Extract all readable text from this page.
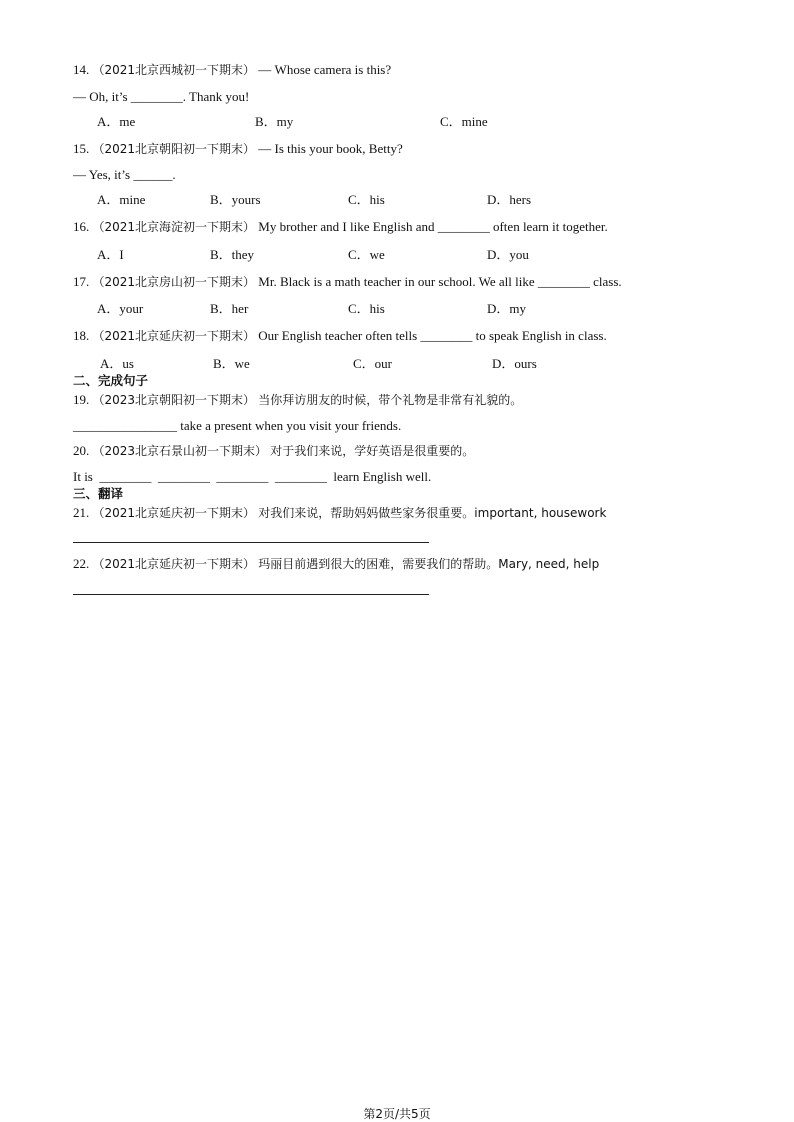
14. （2021北京西城初一下期末） — Whose camera is this?
— Oh, it’s ________. Thank you!
A．me	B．my	C．mine
15. （2021北京朝阳初一下期末） — Is this your book, Betty?
— Yes, it’s ______.
A．mine	B．yours	C．his	D．hers
16. （2021北京海淀初一下期末） My brother and I like English and ________ often learn it together.
A．I	B．they	C．we	D．you
17. （2021北京房山初一下期末） Mr. Black is a math teacher in our school. We all like ________ class.
A．your	B．her	C．his	D．my
18. （2021北京延庆初一下期末） Our English teacher often tells ________ to speak English in class.
A．us	B．we	C．our	D．ours
二、完成句子
19. （2023北京朝阳初一下期末） 当你拜访朋友的时候，带个礼物是非常有礼貌的。
________________ take a present when you visit your friends.
20. （2023北京石景山初一下期末） 对于我们来说，学好英语是很重要的。
It is  ________  ________  ________  ________  learn English well.
三、翻译
21. （2021北京延庆初一下期末） 对我们来说，帮助妈妈做些家务很重要。important, housework
22. （2021北京延庆初一下期末） 玛丽目前遇到很大的困难，需要我们的帮助。Mary, need, help
第2页/共5页
